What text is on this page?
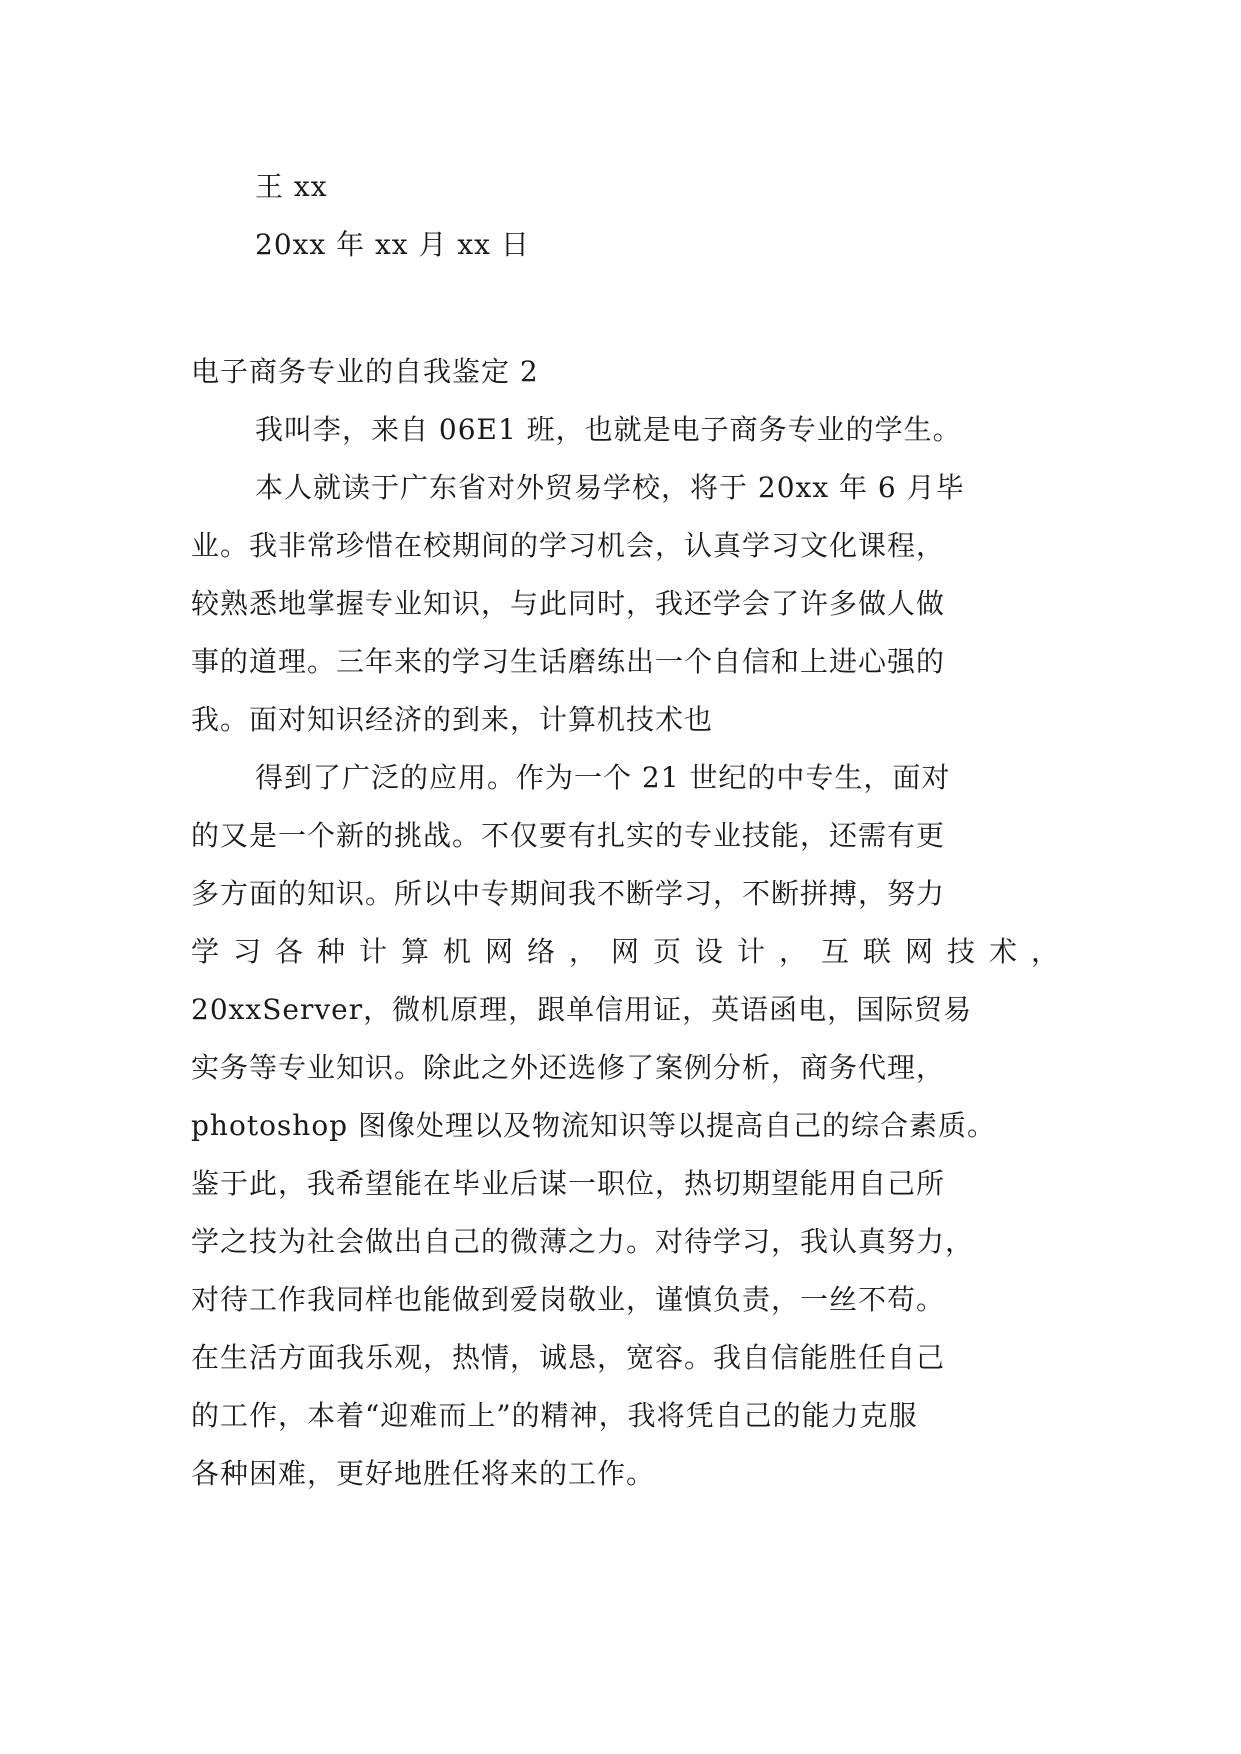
王 xx
20xx 年 xx 月 xx 日
电子商务专业的自我鉴定 2
我叫李，来自 06E1 班，也就是电子商务专业的学生。
本人就读于广东省对外贸易学校，将于 20xx 年 6 月毕
业。我非常珍惜在校期间的学习机会，认真学习文化课程，
较熟悉地掌握专业知识，与此同时，我还学会了许多做人做
事的道理。三年来的学习生话磨练出一个自信和上进心强的
我。面对知识经济的到来，计算机技术也
得到了广泛的应用。作为一个 21 世纪的中专生，面对
的又是一个新的挑战。不仅要有扎实的专业技能，还需有更
多方面的知识。所以中专期间我不断学习，不断拼搏，努力
学习各种计算机网络，网页设计，互联网技术，
20xxServer，微机原理，跟单信用证，英语函电，国际贸易
实务等专业知识。除此之外还选修了案例分析，商务代理，
photoshop 图像处理以及物流知识等以提高自己的综合素质。
鉴于此，我希望能在毕业后谋一职位，热切期望能用自己所
学之技为社会做出自己的微薄之力。对待学习，我认真努力，
对待工作我同样也能做到爱岗敬业，谨慎负责，一丝不苟。
在生活方面我乐观，热情，诚恳，宽容。我自信能胜任自己
的工作，本着“迎难而上”的精神，我将凭自己的能力克服
各种困难，更好地胜任将来的工作。
